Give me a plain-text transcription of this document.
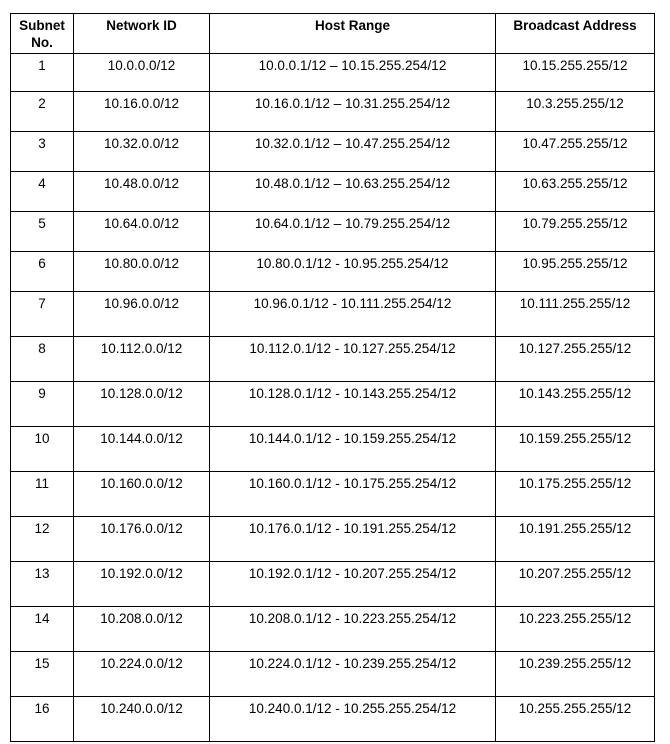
Subnet No.	Network ID	Host Range	Broadcast Address
1	10.0.0.0/12	10.0.0.1/12 – 10.15.255.254/12	10.15.255.255/12
2	10.16.0.0/12	10.16.0.1/12 – 10.31.255.254/12	10.3.255.255/12
3	10.32.0.0/12	10.32.0.1/12 – 10.47.255.254/12	10.47.255.255/12
4	10.48.0.0/12	10.48.0.1/12 – 10.63.255.254/12	10.63.255.255/12
5	10.64.0.0/12	10.64.0.1/12 – 10.79.255.254/12	10.79.255.255/12
6	10.80.0.0/12	10.80.0.1/12 - 10.95.255.254/12	10.95.255.255/12
7	10.96.0.0/12	10.96.0.1/12 - 10.111.255.254/12	10.111.255.255/12
8	10.112.0.0/12	10.112.0.1/12 - 10.127.255.254/12	10.127.255.255/12
9	10.128.0.0/12	10.128.0.1/12 - 10.143.255.254/12	10.143.255.255/12
10	10.144.0.0/12	10.144.0.1/12 - 10.159.255.254/12	10.159.255.255/12
11	10.160.0.0/12	10.160.0.1/12 - 10.175.255.254/12	10.175.255.255/12
12	10.176.0.0/12	10.176.0.1/12 - 10.191.255.254/12	10.191.255.255/12
13	10.192.0.0/12	10.192.0.1/12 - 10.207.255.254/12	10.207.255.255/12
14	10.208.0.0/12	10.208.0.1/12 - 10.223.255.254/12	10.223.255.255/12
15	10.224.0.0/12	10.224.0.1/12 - 10.239.255.254/12	10.239.255.255/12
16	10.240.0.0/12	10.240.0.1/12 - 10.255.255.254/12	10.255.255.255/12
